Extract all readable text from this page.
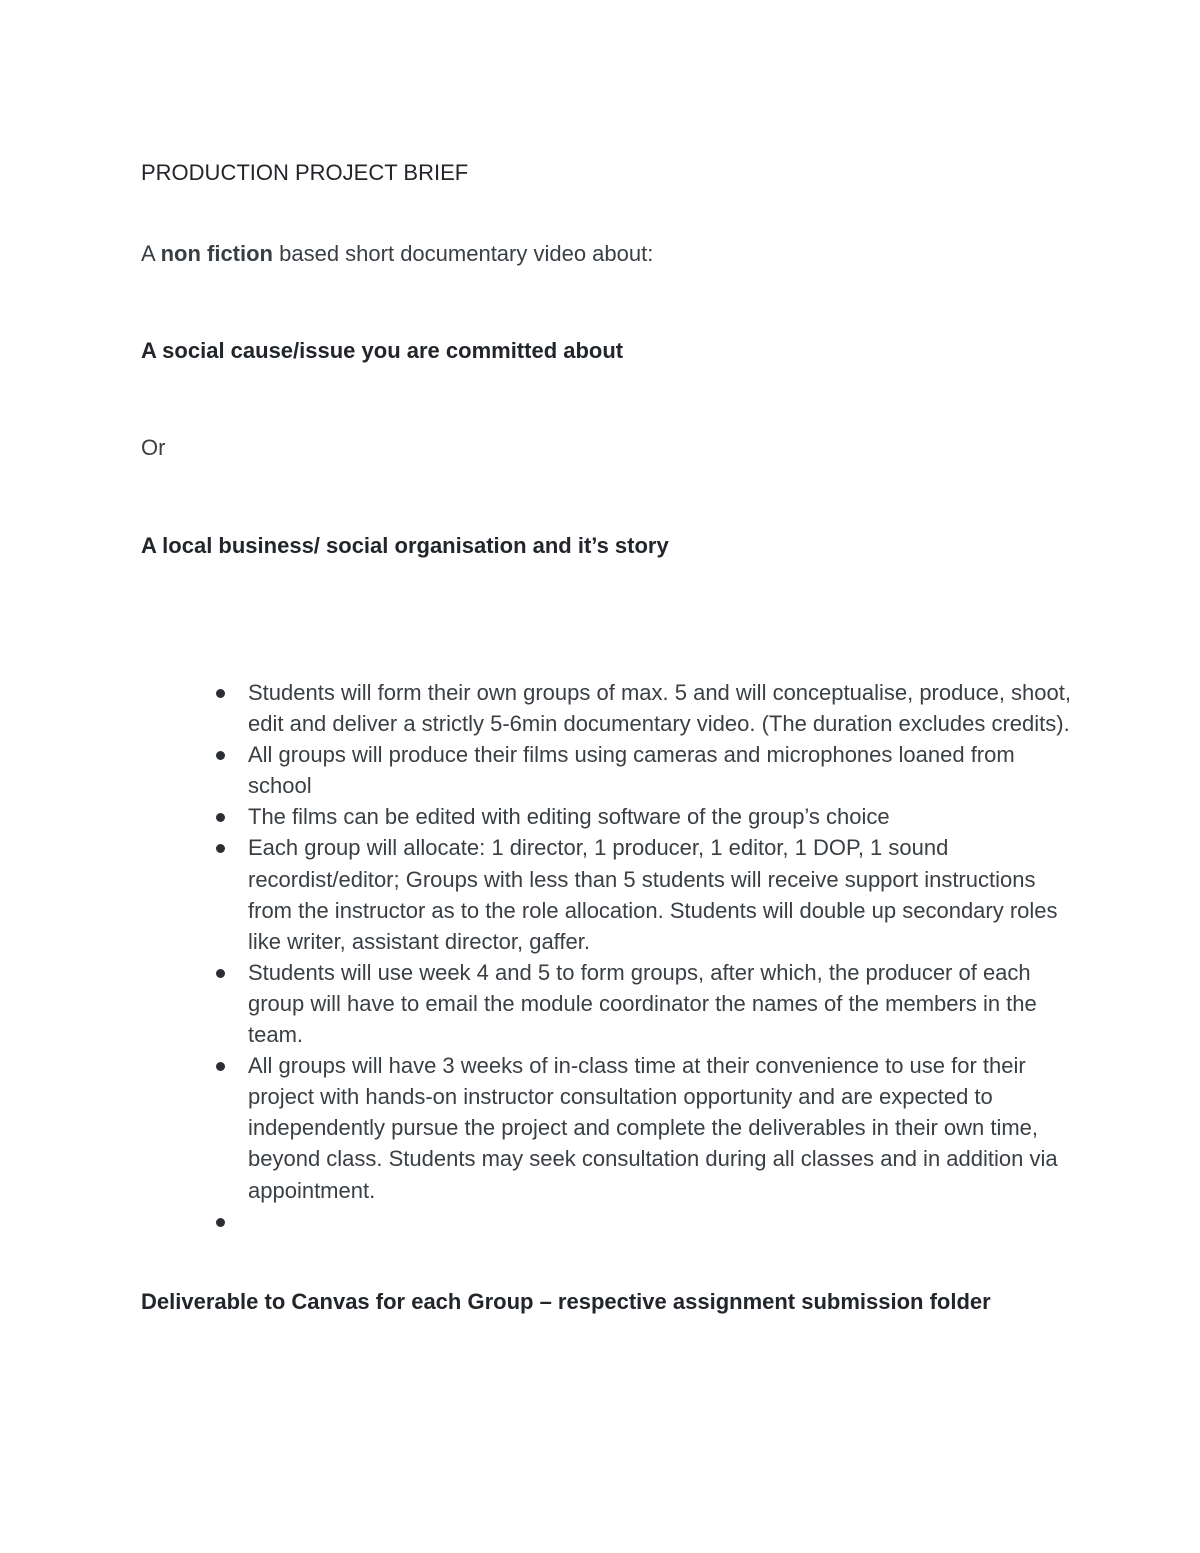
PRODUCTION PROJECT BRIEF
A non fiction based short documentary video about:
A social cause/issue you are committed about
Or
A local business/ social organisation and it’s story
Students will form their own groups of max. 5 and will conceptualise, produce, shoot, edit and deliver a strictly 5-6min documentary video. (The duration excludes credits).
All groups will produce their films using cameras and microphones loaned from school
The films can be edited with editing software of the group’s choice
Each group will allocate: 1 director, 1 producer, 1 editor, 1 DOP, 1 sound recordist/editor; Groups with less than 5 students will receive support instructions from the instructor as to the role allocation. Students will double up secondary roles like writer, assistant director, gaffer.
Students will use week 4 and 5 to form groups, after which, the producer of each group will have to email the module coordinator the names of the members in the team.
All groups will have 3 weeks of in-class time at their convenience to use for their project with hands-on instructor consultation opportunity and are expected to independently pursue the project and complete the deliverables in their own time, beyond class. Students may seek consultation during all classes and in addition via appointment.
Deliverable to Canvas for each Group – respective assignment submission folder
